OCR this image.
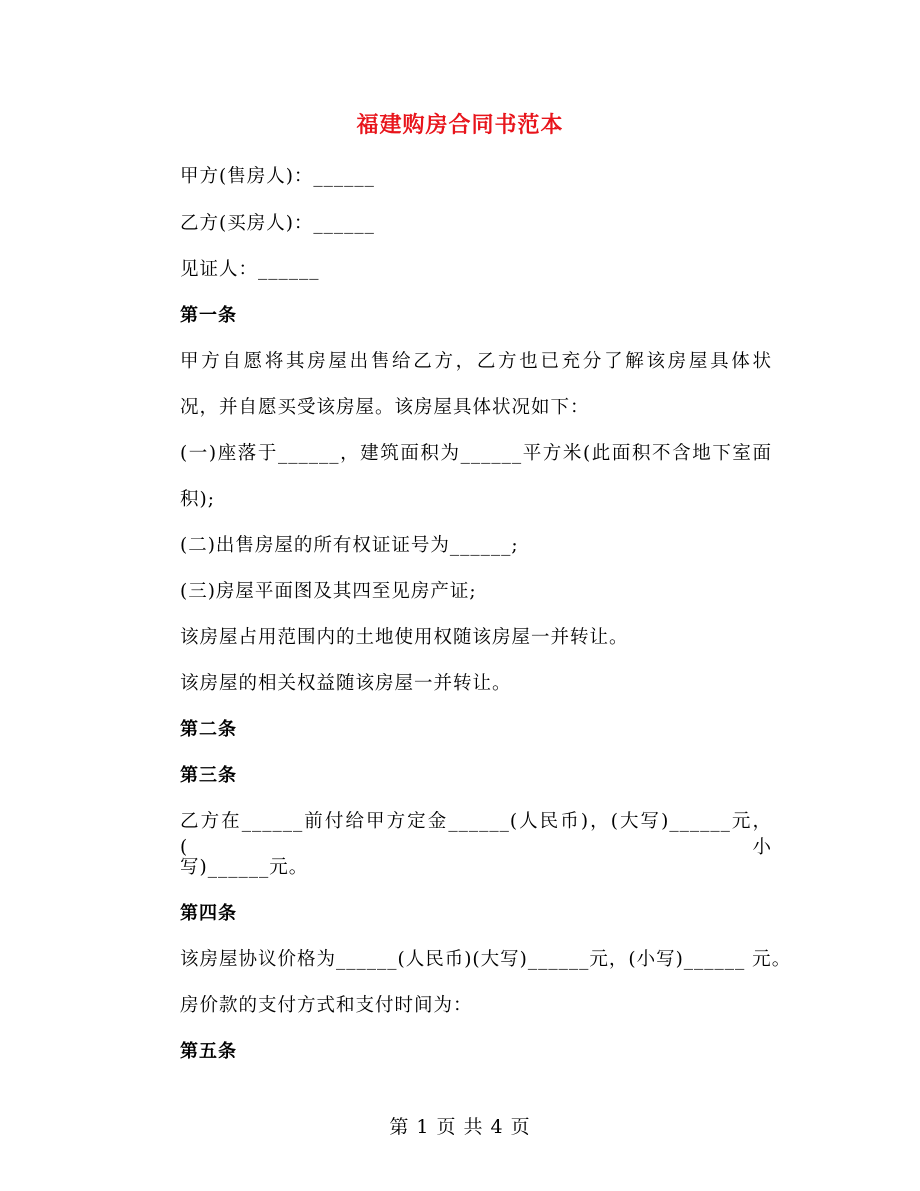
福建购房合同书范本
甲方(售房人)：______
乙方(买房人)：______
见证人：______
第一条
甲方自愿将其房屋出售给乙方，乙方也已充分了解该房屋具体状
况，并自愿买受该房屋。该房屋具体状况如下：
(一)座落于______，建筑面积为______平方米(此面积不含地下室面
积);
(二)出售房屋的所有权证证号为______;
(三)房屋平面图及其四至见房产证;
该房屋占用范围内的土地使用权随该房屋一并转让。
该房屋的相关权益随该房屋一并转让。
第二条
第三条
乙方在______前付给甲方定金______(人民币)，(大写)______元，(小
写)______元。
第四条
该房屋协议价格为______(人民币)(大写)______元，(小写)______ 元。
房价款的支付方式和支付时间为：
第五条
第 1 页 共 4 页
